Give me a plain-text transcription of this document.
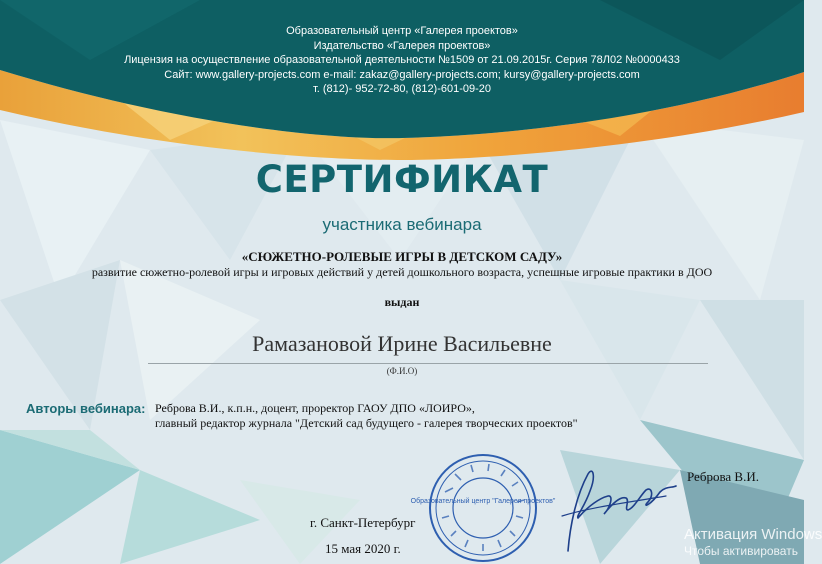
Образовательный центр «Галерея проектов»
Издательство «Галерея проектов»
Лицензия на осуществление образовательной деятельности №1509 от 21.09.2015г. Серия 78Л02 №0000433
Сайт: www.gallery-projects.com e-mail: zakaz@gallery-projects.com; kursy@gallery-projects.com
т. (812)- 952-72-80, (812)-601-09-20
СЕРТИФИКАТ
участника вебинара
«СЮЖЕТНО-РОЛЕВЫЕ ИГРЫ В ДЕТСКОМ САДУ»
развитие сюжетно-ролевой игры и игровых действий у детей дошкольного возраста, успешные игровые практики в ДОО
выдан
Рамазановой Ирине Васильевне
(Ф.И.О)
Авторы вебинара: Реброва В.И., к.п.н., доцент, проректор ГАОУ ДПО «ЛОИРО»,
главный редактор журнала "Детский сад будущего - галерея творческих проектов"
Образовательный центр "Галерея проектов"
г. Санкт-Петербург
15 мая 2020 г.
Реброва В.И.
Активация Windows
Чтобы активировать
